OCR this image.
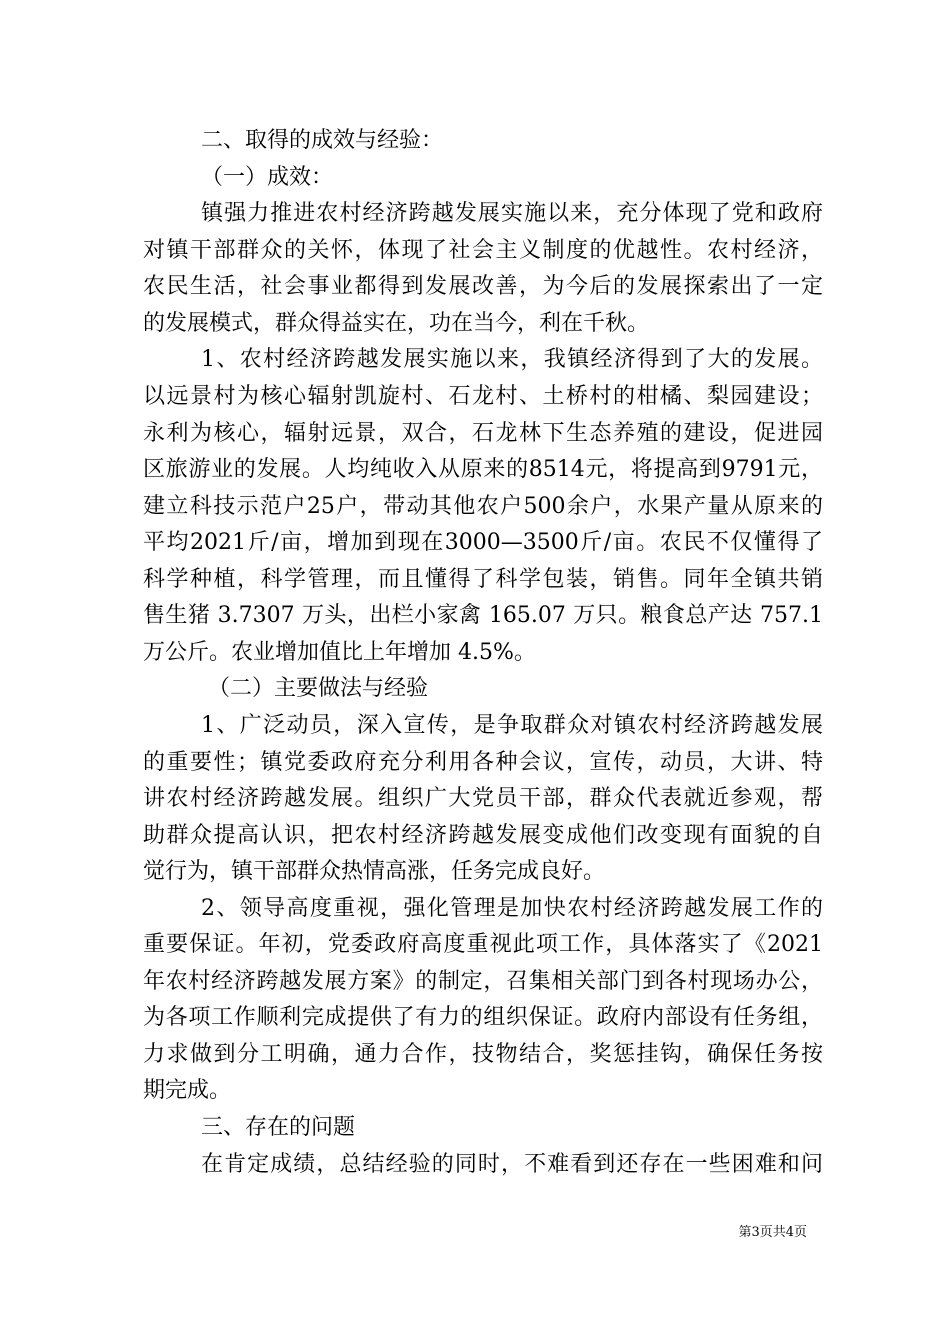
二、取得的成效与经验：
（一）成效：
镇强力推进农村经济跨越发展实施以来，充分体现了党和政府
对镇干部群众的关怀，体现了社会主义制度的优越性。农村经济，
农民生活，社会事业都得到发展改善，为今后的发展探索出了一定
的发展模式，群众得益实在，功在当今，利在千秋。
1、农村经济跨越发展实施以来，我镇经济得到了大的发展。
以远景村为核心辐射凯旋村、石龙村、土桥村的柑橘、梨园建设；
永利为核心，辐射远景，双合，石龙林下生态养殖的建设，促进园
区旅游业的发展。人均纯收入从原来的8514元，将提高到9791元，
建立科技示范户25户，带动其他农户500余户，水果产量从原来的
平均2021斤/亩，增加到现在3000—3500斤/亩。农民不仅懂得了
科学种植，科学管理，而且懂得了科学包装，销售。同年全镇共销
售生猪 3.7307 万头，出栏小家禽 165.07 万只。粮食总产达 757.1
万公斤。农业增加值比上年增加 4.5%。
（二）主要做法与经验
1、广泛动员，深入宣传，是争取群众对镇农村经济跨越发展
的重要性；镇党委政府充分利用各种会议，宣传，动员，大讲、特
讲农村经济跨越发展。组织广大党员干部，群众代表就近参观，帮
助群众提高认识，把农村经济跨越发展变成他们改变现有面貌的自
觉行为，镇干部群众热情高涨，任务完成良好。
2、领导高度重视，强化管理是加快农村经济跨越发展工作的
重要保证。年初，党委政府高度重视此项工作，具体落实了《2021
年农村经济跨越发展方案》的制定，召集相关部门到各村现场办公，
为各项工作顺利完成提供了有力的组织保证。政府内部设有任务组，
力求做到分工明确，通力合作，技物结合，奖惩挂钩，确保任务按
期完成。
三、存在的问题
在肯定成绩，总结经验的同时，不难看到还存在一些困难和问
第3页共4页
